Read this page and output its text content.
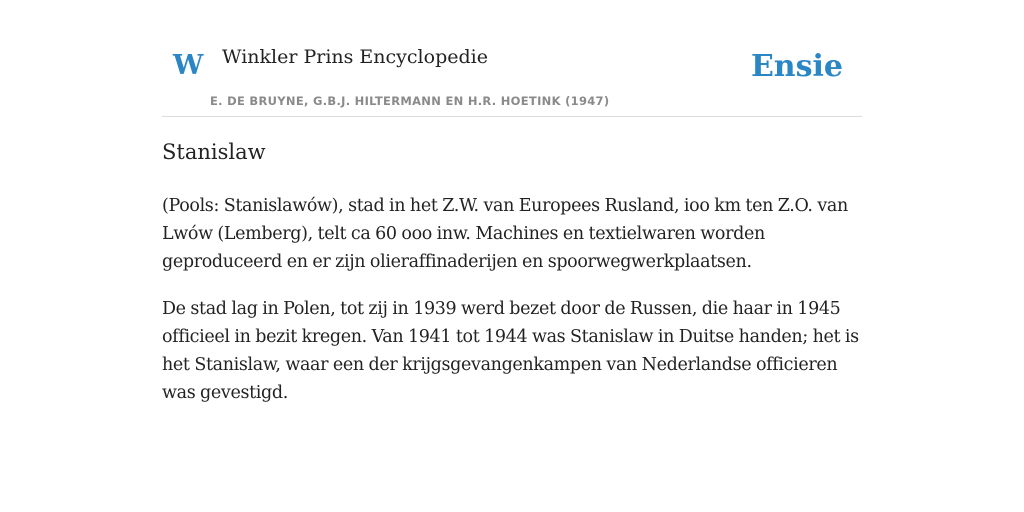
W Winkler Prins Encyclopedie
E. DE BRUYNE, G.B.J. HILTERMANN EN H.R. HOETINK (1947)
Ensie
Stanislaw

(Pools: Stanislawów), stad in het Z.W. van Europees Rusland, ioo km ten Z.O. van Lwów (Lemberg), telt ca 60 ooo inw. Machines en textielwaren worden geproduceerd en er zijn olieraffinaderijen en spoorwegwerkplaatsen.

De stad lag in Polen, tot zij in 1939 werd bezet door de Russen, die haar in 1945 officieel in bezit kregen. Van 1941 tot 1944 was Stanislaw in Duitse handen; het is het Stanislaw, waar een der krijgsgevangenkampen van Nederlandse officieren was gevestigd.
